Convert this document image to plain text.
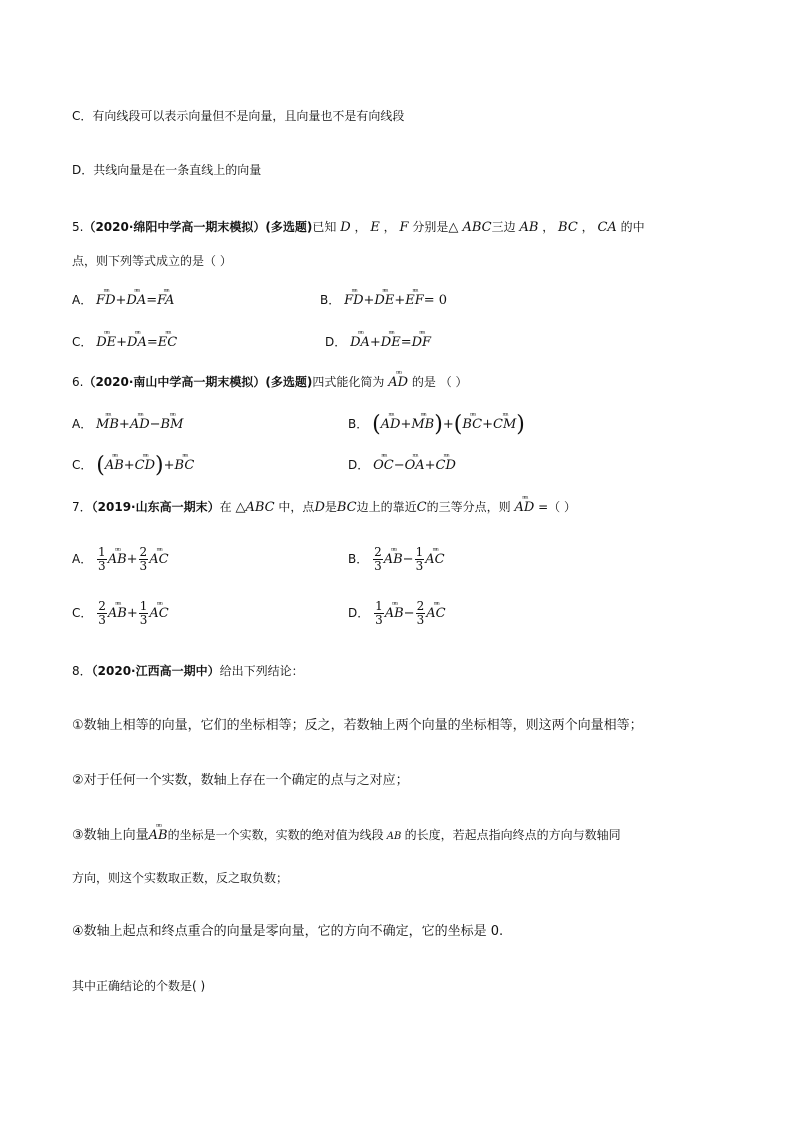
C．有向线段可以表示向量但不是向量，且向量也不是有向线段
D．共线向量是在一条直线上的向量
5.（2020·绵阳中学高一期末模拟）(多选题)已知 D ， E ， F 分别是△ ABC三边 AB ， BC ， CA 的中
点，则下列等式成立的是（ ）
A． ⁿⁿⁿ FD+ⁿⁿⁿ DA=ⁿⁿⁿ FA	B． ⁿⁿⁿ FD+ⁿⁿⁿ DE+ⁿⁿⁿ EF= 0
C． ⁿⁿⁿ DE+ⁿⁿⁿ DA=ⁿⁿⁿ EC	D． ⁿⁿⁿ DA+ⁿⁿⁿ DE=ⁿⁿⁿ DF
6.（2020·南山中学高一期末模拟）(多选题)四式能化简为 ⁿⁿⁿ AD 的是 （ ）
A． ⁿⁿⁿ MB+ⁿⁿⁿ AD−ⁿⁿⁿ BM	B． (ⁿⁿⁿ AD+ⁿⁿⁿ MB)+(ⁿⁿⁿ BC+ⁿⁿⁿ CM)
C． (ⁿⁿⁿ AB+ⁿⁿⁿ CD)+ⁿⁿⁿ BC	D． ⁿⁿⁿ OC−ⁿⁿⁿ OA+ⁿⁿⁿ CD
7．（2019·山东高一期末）在 △ABC 中，点D是BC边上的靠近C的三等分点，则 ⁿⁿⁿ AD =（ ）
A． $\frac{1}{3}$ ⁿⁿⁿ $AB+ \frac{2}{3}$ ⁿⁿⁿ AC	B． $\frac{2}{3}$ ⁿⁿⁿ $AB- \frac{1}{3}$ ⁿⁿⁿ AC
C． $\frac{2}{3}$ ⁿⁿⁿ $AB+ \frac{1}{3}$ ⁿⁿⁿ AC	D． $\frac{1}{3}$ ⁿⁿⁿ $AB- \frac{2}{3}$ ⁿⁿⁿ AC
8．（2020·江西高一期中）给出下列结论：
①数轴上相等的向量，它们的坐标相等；反之，若数轴上两个向量的坐标相等，则这两个向量相等；
②对于任何一个实数，数轴上存在一个确定的点与之对应；
③数轴上向量ⁿⁿⁿ AB的坐标是一个实数，实数的绝对值为线段 AB 的长度，若起点指向终点的方向与数轴同
方向，则这个实数取正数，反之取负数；
④数轴上起点和终点重合的向量是零向量，它的方向不确定，它的坐标是 0.
其中正确结论的个数是( )
